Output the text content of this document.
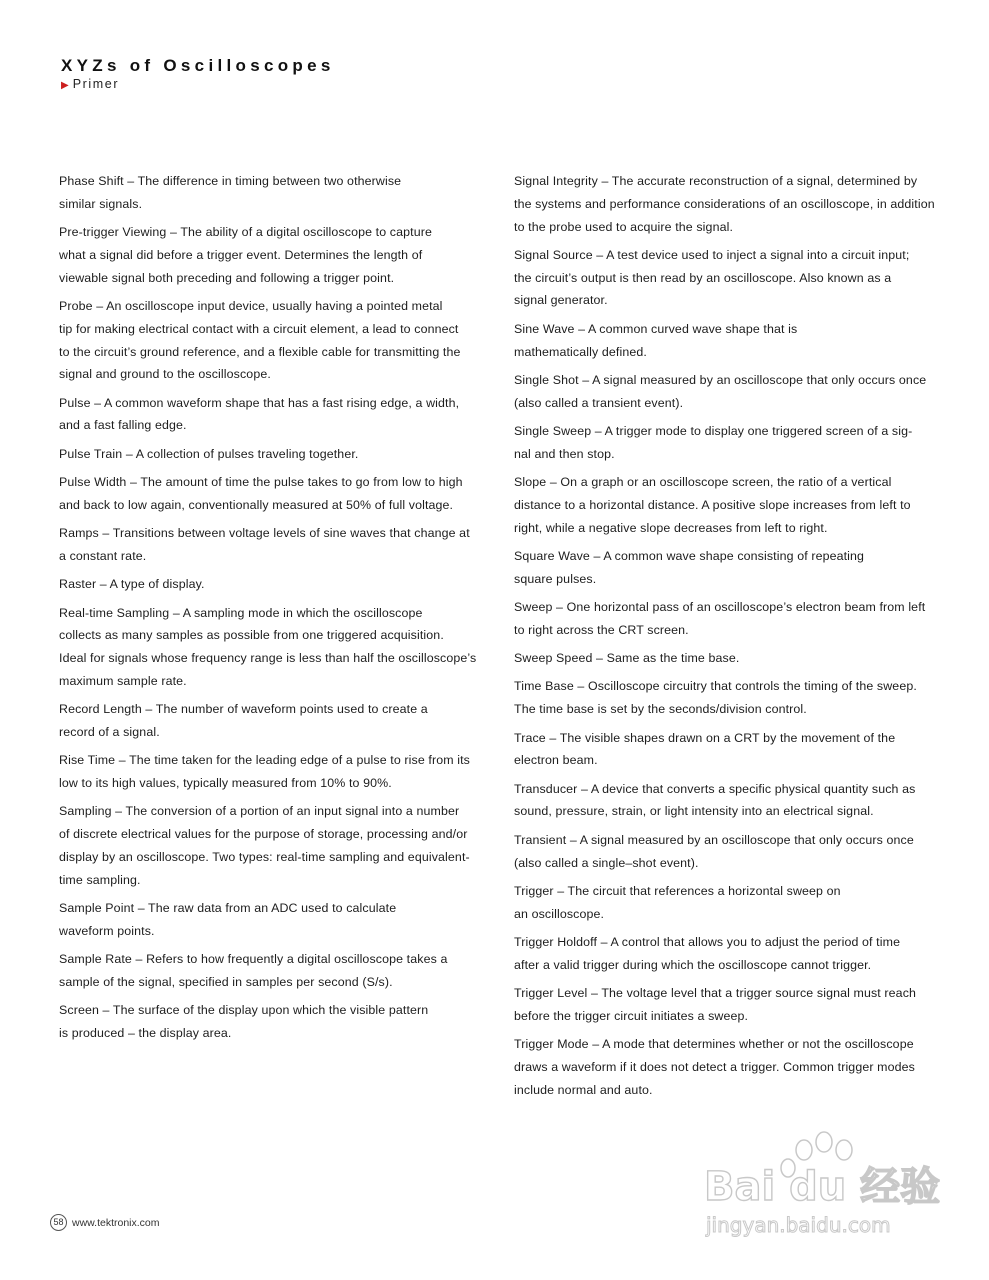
XYZs of Oscilloscopes
▶ Primer

Phase Shift – The difference in timing between two otherwise
similar signals.

Pre-trigger Viewing – The ability of a digital oscilloscope to capture
what a signal did before a trigger event. Determines the length of
viewable signal both preceding and following a trigger point.

Probe – An oscilloscope input device, usually having a pointed metal
tip for making electrical contact with a circuit element, a lead to connect
to the circuit’s ground reference, and a flexible cable for transmitting the
signal and ground to the oscilloscope.

Pulse – A common waveform shape that has a fast rising edge, a width,
and a fast falling edge.

Pulse Train – A collection of pulses traveling together.

Pulse Width – The amount of time the pulse takes to go from low to high
and back to low again, conventionally measured at 50% of full voltage.

Ramps – Transitions between voltage levels of sine waves that change at
a constant rate.

Raster – A type of display.

Real-time Sampling – A sampling mode in which the oscilloscope
collects as many samples as possible from one triggered acquisition.
Ideal for signals whose frequency range is less than half the oscilloscope’s
maximum sample rate.

Record Length – The number of waveform points used to create a
record of a signal.

Rise Time – The time taken for the leading edge of a pulse to rise from its
low to its high values, typically measured from 10% to 90%.

Sampling – The conversion of a portion of an input signal into a number
of discrete electrical values for the purpose of storage, processing and/or
display by an oscilloscope. Two types: real-time sampling and equivalent-
time sampling.

Sample Point – The raw data from an ADC used to calculate
waveform points.

Sample Rate – Refers to how frequently a digital oscilloscope takes a
sample of the signal, specified in samples per second (S/s).

Screen – The surface of the display upon which the visible pattern
is produced – the display area.

Signal Integrity – The accurate reconstruction of a signal, determined by
the systems and performance considerations of an oscilloscope, in addition
to the probe used to acquire the signal.

Signal Source – A test device used to inject a signal into a circuit input;
the circuit’s output is then read by an oscilloscope. Also known as a
signal generator.

Sine Wave – A common curved wave shape that is
mathematically defined.

Single Shot – A signal measured by an oscilloscope that only occurs once
(also called a transient event).

Single Sweep – A trigger mode to display one triggered screen of a sig-
nal and then stop.

Slope – On a graph or an oscilloscope screen, the ratio of a vertical
distance to a horizontal distance. A positive slope increases from left to
right, while a negative slope decreases from left to right.

Square Wave – A common wave shape consisting of repeating
square pulses.

Sweep – One horizontal pass of an oscilloscope’s electron beam from left
to right across the CRT screen.

Sweep Speed – Same as the time base.

Time Base – Oscilloscope circuitry that controls the timing of the sweep.
The time base is set by the seconds/division control.

Trace – The visible shapes drawn on a CRT by the movement of the
electron beam.

Transducer – A device that converts a specific physical quantity such as
sound, pressure, strain, or light intensity into an electrical signal.

Transient – A signal measured by an oscilloscope that only occurs once
(also called a single–shot event).

Trigger – The circuit that references a horizontal sweep on
an oscilloscope.

Trigger Holdoff – A control that allows you to adjust the period of time
after a valid trigger during which the oscilloscope cannot trigger.

Trigger Level – The voltage level that a trigger source signal must reach
before the trigger circuit initiates a sweep.

Trigger Mode – A mode that determines whether or not the oscilloscope
draws a waveform if it does not detect a trigger. Common trigger modes
include normal and auto.

58 www.tektronix.com
Bai du 经验
jingyan.baidu.com
